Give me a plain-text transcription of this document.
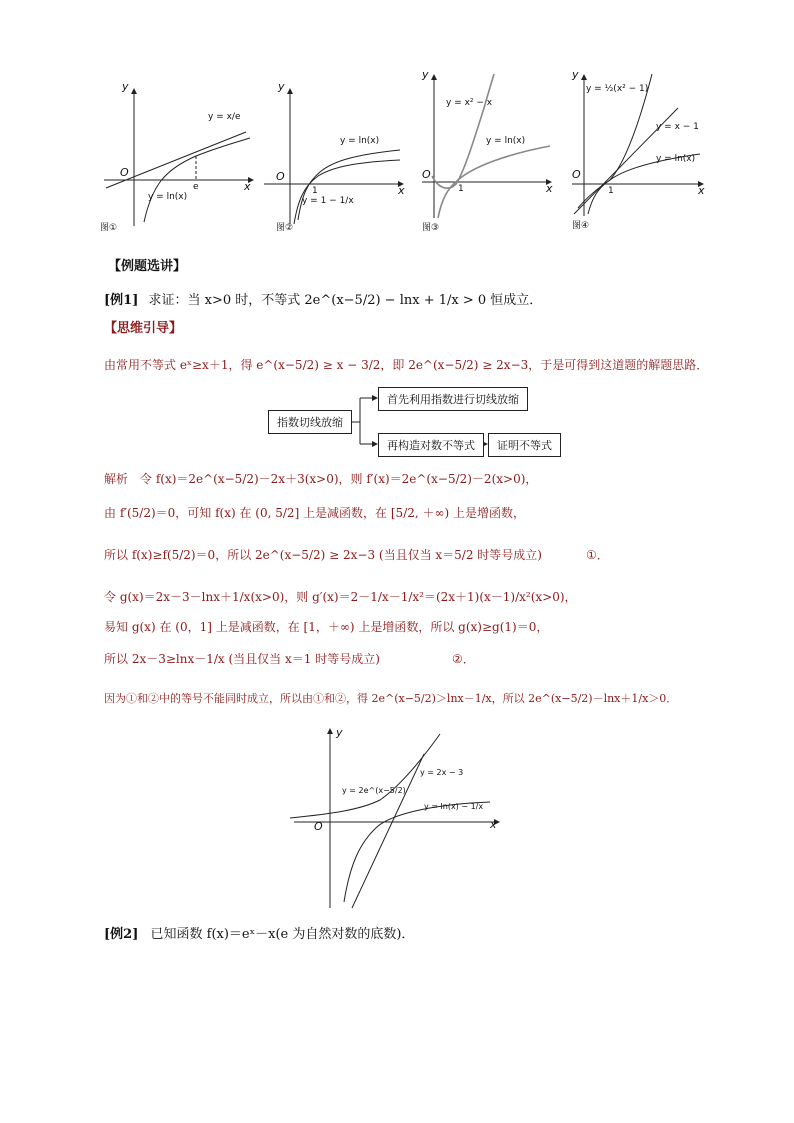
y
x
O
y = x/e
y = ln(x)
e
图①
y
x
O
y = ln(x)
y = 1 − 1/x
1
图②
y
x
O
y = x² − x
y = ln(x)
1
图③
y
x
O
y = ½(x² − 1)
y = x − 1
y = ln(x)
1
图④
【例题选讲】
[例1] 求证：当 x>0 时，不等式 2e^(x−5/2) − lnx + 1/x > 0 恒成立．
【思维引导】
由常用不等式 eˣ≥x＋1，得 e^(x−5/2) ≥ x − 3/2，即 2e^(x−5/2) ≥ 2x−3，于是可得到这道题的解题思路．
指数切线放缩
首先利用指数进行切线放缩
再构造对数不等式	证明不等式
解析　令 f(x)＝2e^(x−5/2)－2x＋3(x>0)，则 f′(x)＝2e^(x−5/2)－2(x>0)，
由 f′(5/2)＝0，可知 f(x) 在 (0, 5/2] 上是减函数，在 [5/2, ＋∞) 上是增函数，
所以 f(x)≥f(5/2)＝0，所以 2e^(x−5/2) ≥ 2x−3 (当且仅当 x＝5/2 时等号成立)	①．
令 g(x)＝2x－3－lnx＋1/x(x>0)，则 g′(x)＝2－1/x－1/x²＝(2x＋1)(x－1)/x²(x>0)，
易知 g(x) 在 (0，1] 上是减函数，在 [1，＋∞) 上是增函数，所以 g(x)≥g(1)＝0，
所以 2x－3≥lnx－1/x (当且仅当 x＝1 时等号成立)	②．
因为①和②中的等号不能同时成立，所以由①和②，得 2e^(x−5/2)＞lnx－1/x，所以 2e^(x−5/2)－lnx＋1/x＞0．
y
x
O
y = 2e^(x−5/2)
y = 2x − 3
y = ln(x) − 1/x
[例2] 已知函数 f(x)＝eˣ－x(e 为自然对数的底数)．
